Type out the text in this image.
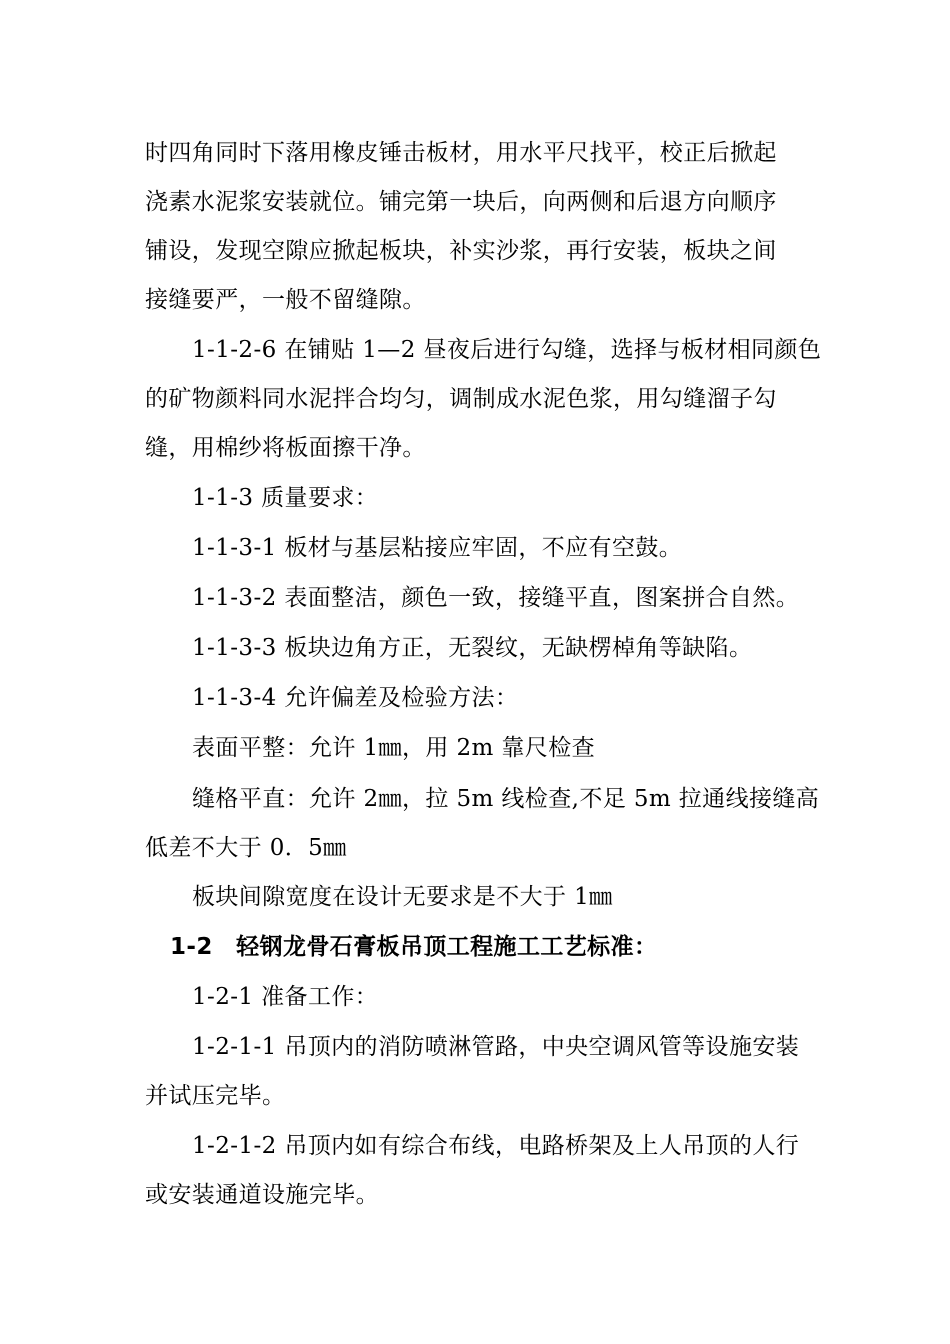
时四角同时下落用橡皮锤击板材，用水平尺找平，校正后掀起
浇素水泥浆安装就位。铺完第一块后，向两侧和后退方向顺序
铺设，发现空隙应掀起板块，补实沙浆，再行安装，板块之间
接缝要严，一般不留缝隙。
1-1-2-6 在铺贴 1—2 昼夜后进行勾缝，选择与板材相同颜色
的矿物颜料同水泥拌合均匀，调制成水泥色浆，用勾缝溜子勾
缝，用棉纱将板面擦干净。
1-1-3 质量要求：
1-1-3-1 板材与基层粘接应牢固，不应有空鼓。
1-1-3-2 表面整洁，颜色一致，接缝平直，图案拼合自然。
1-1-3-3 板块边角方正，无裂纹，无缺楞棹角等缺陷。
1-1-3-4 允许偏差及检验方法：
表面平整：允许 1㎜，用 2m 靠尺检查
缝格平直：允许 2㎜，拉 5m 线检查,不足 5m 拉通线接缝高
低差不大于 0．5㎜
板块间隙宽度在设计无要求是不大于 1㎜
1-2　轻钢龙骨石膏板吊顶工程施工工艺标准：
1-2-1 准备工作：
1-2-1-1 吊顶内的消防喷淋管路，中央空调风管等设施安装
并试压完毕。
1-2-1-2 吊顶内如有综合布线，电路桥架及上人吊顶的人行
或安装通道设施完毕。
